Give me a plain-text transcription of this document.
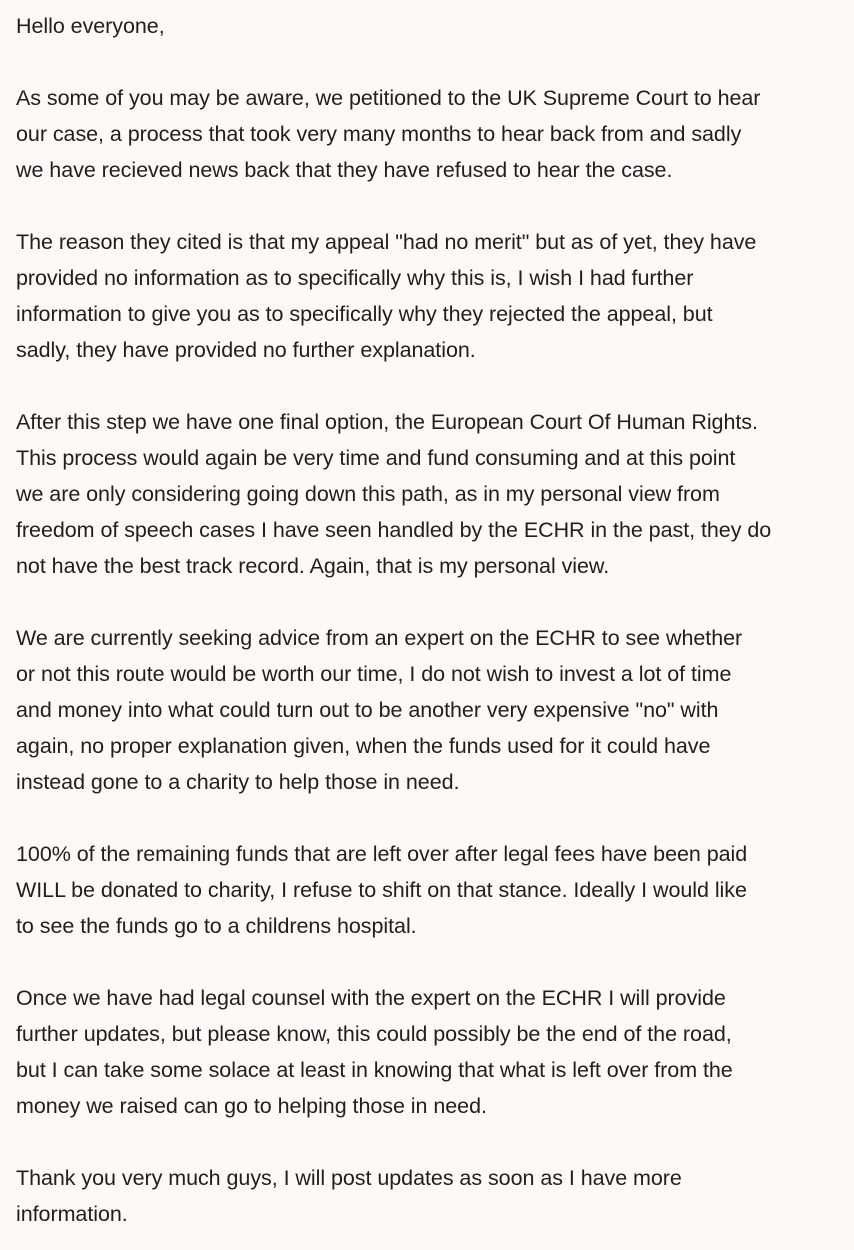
Hello everyone,

As some of you may be aware, we petitioned to the UK Supreme Court to hear
our case, a process that took very many months to hear back from and sadly
we have recieved news back that they have refused to hear the case.

The reason they cited is that my appeal "had no merit" but as of yet, they have
provided no information as to specifically why this is, I wish I had further
information to give you as to specifically why they rejected the appeal, but
sadly, they have provided no further explanation.

After this step we have one final option, the European Court Of Human Rights.
This process would again be very time and fund consuming and at this point
we are only considering going down this path, as in my personal view from
freedom of speech cases I have seen handled by the ECHR in the past, they do
not have the best track record. Again, that is my personal view.

We are currently seeking advice from an expert on the ECHR to see whether
or not this route would be worth our time, I do not wish to invest a lot of time
and money into what could turn out to be another very expensive "no" with
again, no proper explanation given, when the funds used for it could have
instead gone to a charity to help those in need.

100% of the remaining funds that are left over after legal fees have been paid
WILL be donated to charity, I refuse to shift on that stance. Ideally I would like
to see the funds go to a childrens hospital.

Once we have had legal counsel with the expert on the ECHR I will provide
further updates, but please know, this could possibly be the end of the road,
but I can take some solace at least in knowing that what is left over from the
money we raised can go to helping those in need.

Thank you very much guys, I will post updates as soon as I have more
information.
